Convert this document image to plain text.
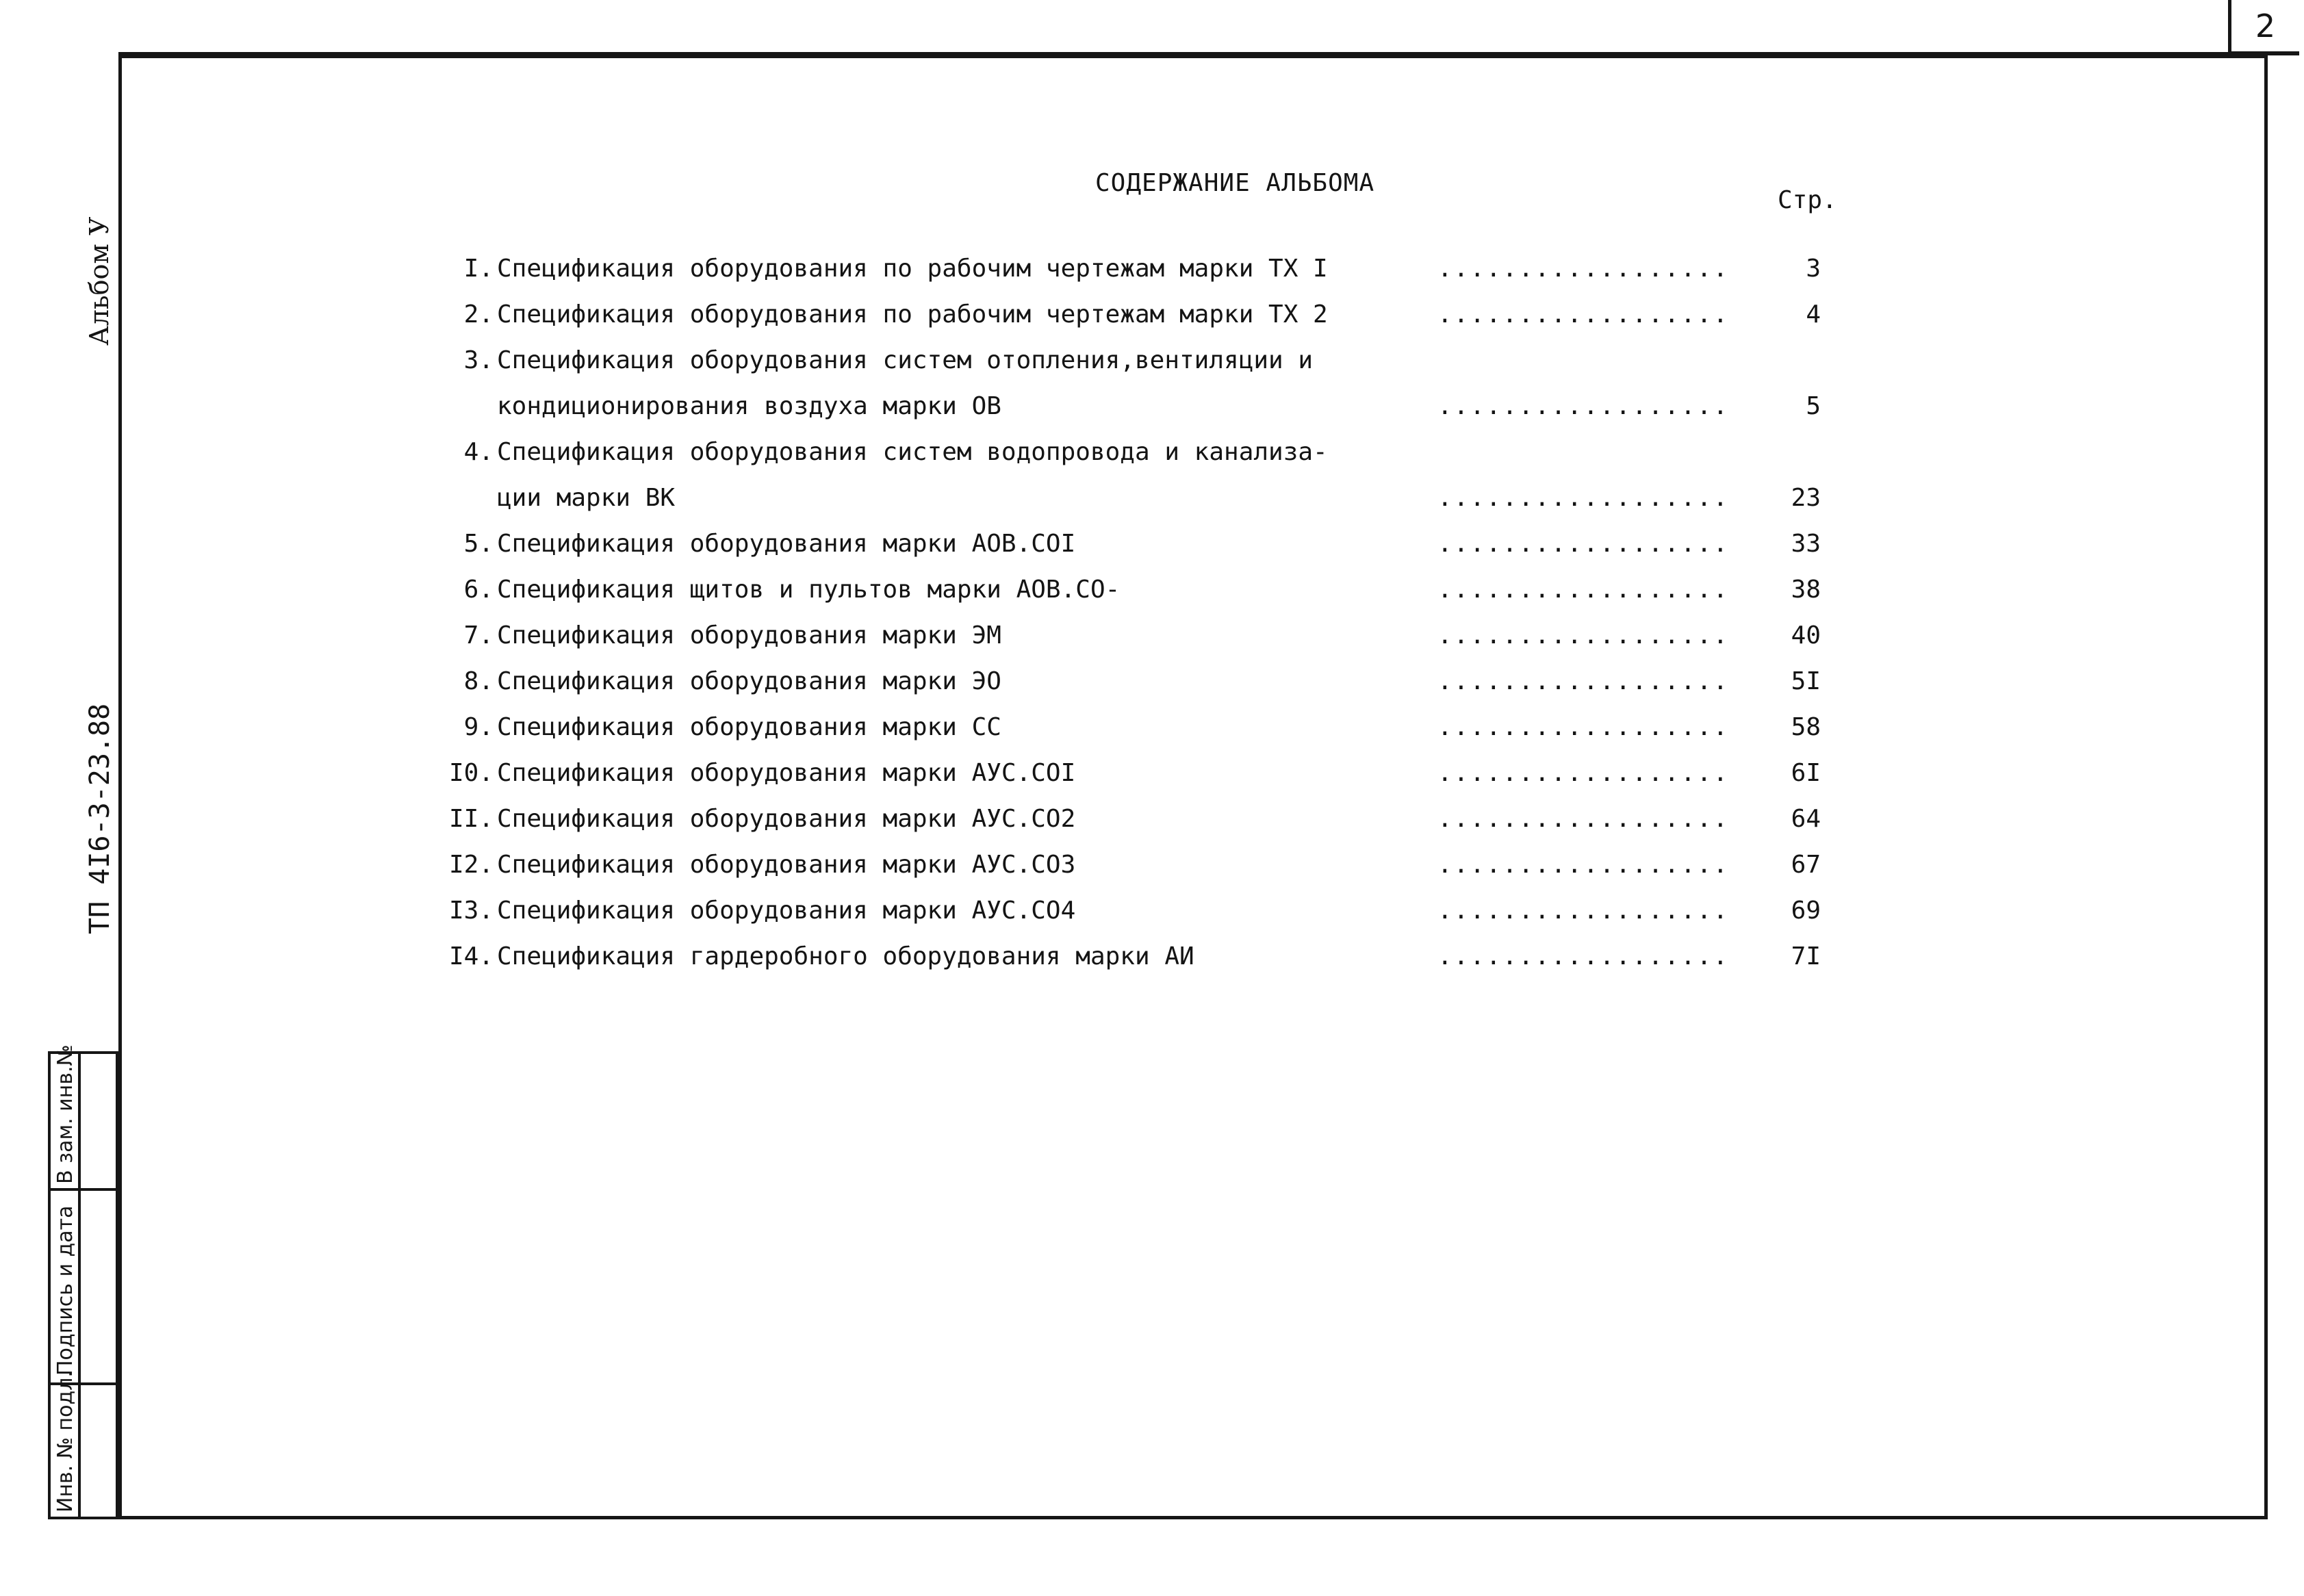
2
Альбом У
ТП 4I6-3-23.88
Инв. № подл.
Подпись и дата
В зам. инв.№
СОДЕРЖАНИЕ АЛЬБОМА
Стр.
I. Спецификация оборудования по рабочим чертежам марки ТХ I	..................	3
2. Спецификация оборудования по рабочим чертежам марки ТХ 2	..................	4
3. Спецификация оборудования систем отопления,вентиляции и
кондиционирования воздуха марки ОВ	..................	5
4. Спецификация оборудования систем водопровода и канализа-
ции марки ВК	..................	23
5. Спецификация оборудования марки АОВ.СОI	..................	33
6. Спецификация щитов и пультов марки АОВ.СО-	..................	38
7. Спецификация оборудования марки ЭМ	..................	40
8. Спецификация оборудования марки ЭО	..................	5I
9. Спецификация оборудования марки СС	..................	58
I0. Спецификация оборудования марки АУС.СОI	..................	6I
II. Спецификация оборудования марки АУС.СО2	..................	64
I2. Спецификация оборудования марки АУС.СО3	..................	67
I3. Спецификация оборудования марки АУС.СО4	..................	69
I4. Спецификация гардеробного оборудования марки АИ	..................	7I
